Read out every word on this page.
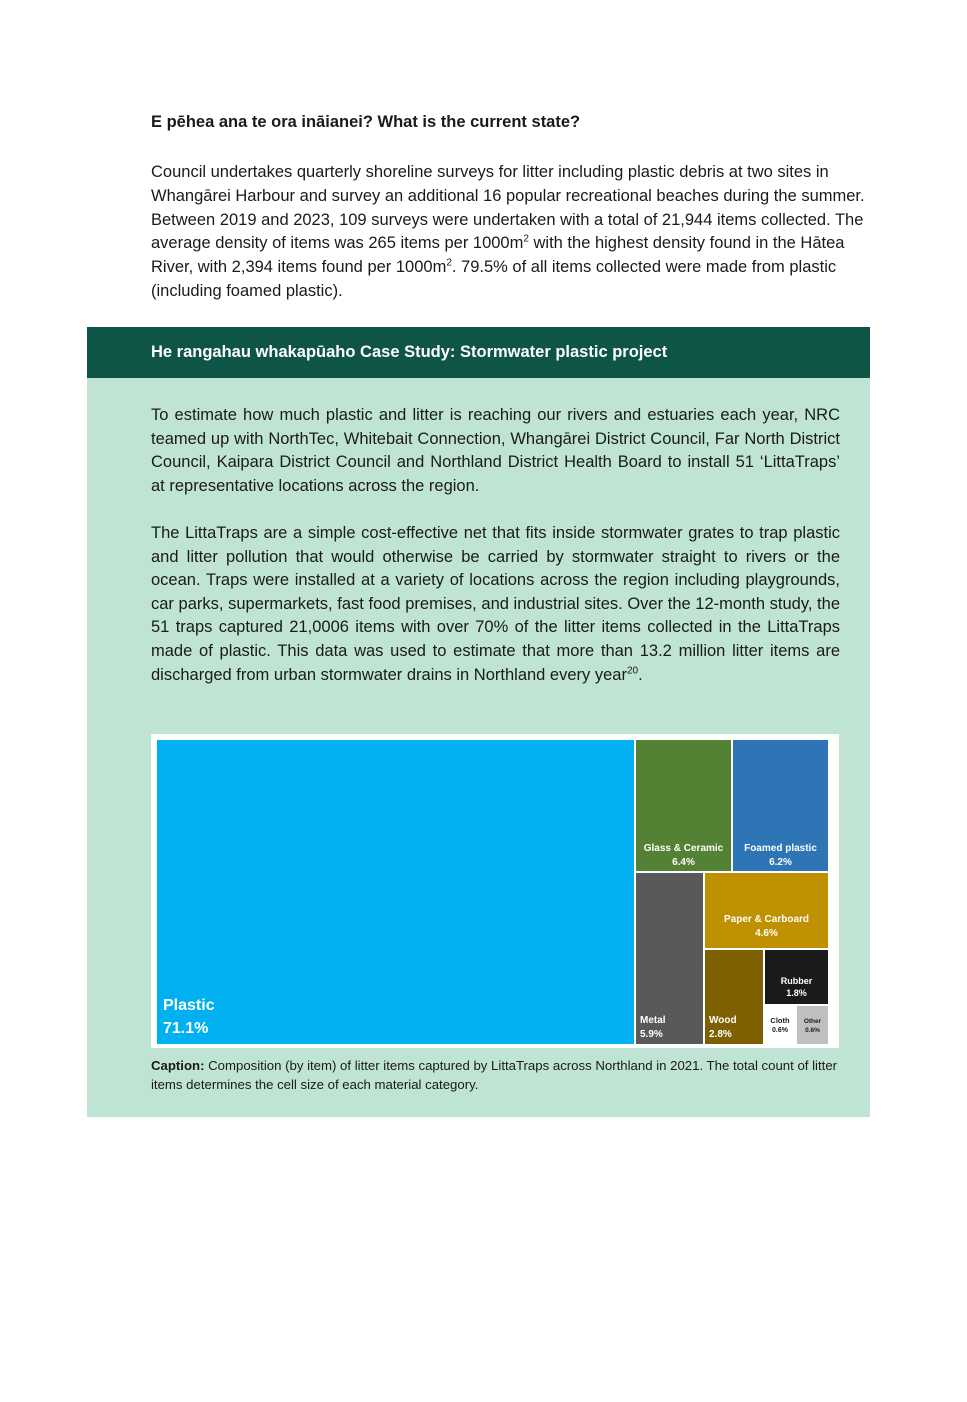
E pēhea ana te ora ināianei? What is the current state?
Council undertakes quarterly shoreline surveys for litter including plastic debris at two sites in Whangārei Harbour and survey an additional 16 popular recreational beaches during the summer. Between 2019 and 2023, 109 surveys were undertaken with a total of 21,944 items collected. The average density of items was 265 items per $1000m^2$ with the highest density found in the Hātea River, with 2,394 items found per $1000m^2$. 79.5% of all items collected were made from plastic (including foamed plastic).
He rangahau whakapūaho Case Study: Stormwater plastic project
To estimate how much plastic and litter is reaching our rivers and estuaries each year, NRC teamed up with NorthTec, Whitebait Connection, Whangārei District Council, Far North District Council, Kaipara District Council and Northland District Health Board to install 51 ‘LittaTraps’ at representative locations across the region.
The LittaTraps are a simple cost-effective net that fits inside stormwater grates to trap plastic and litter pollution that would otherwise be carried by stormwater straight to rivers or the ocean. Traps were installed at a variety of locations across the region including playgrounds, car parks, supermarkets, fast food premises, and industrial sites. Over the 12-month study, the 51 traps captured 21,0006 items with over 70% of the litter items collected in the LittaTraps made of plastic. This data was used to estimate that more than 13.2 million litter items are discharged from urban stormwater drains in Northland every year$^{20}$.
Plastic
71.1%
Glass & Ceramic
6.4%
Foamed plastic
6.2%
Metal
5.9%
Paper & Carboard
4.6%
Wood
2.8%
Rubber
1.8%
Cloth
0.6%
Other
0.6%
Caption: Composition (by item) of litter items captured by LittaTraps across Northland in 2021. The total count of litter items determines the cell size of each material category.
